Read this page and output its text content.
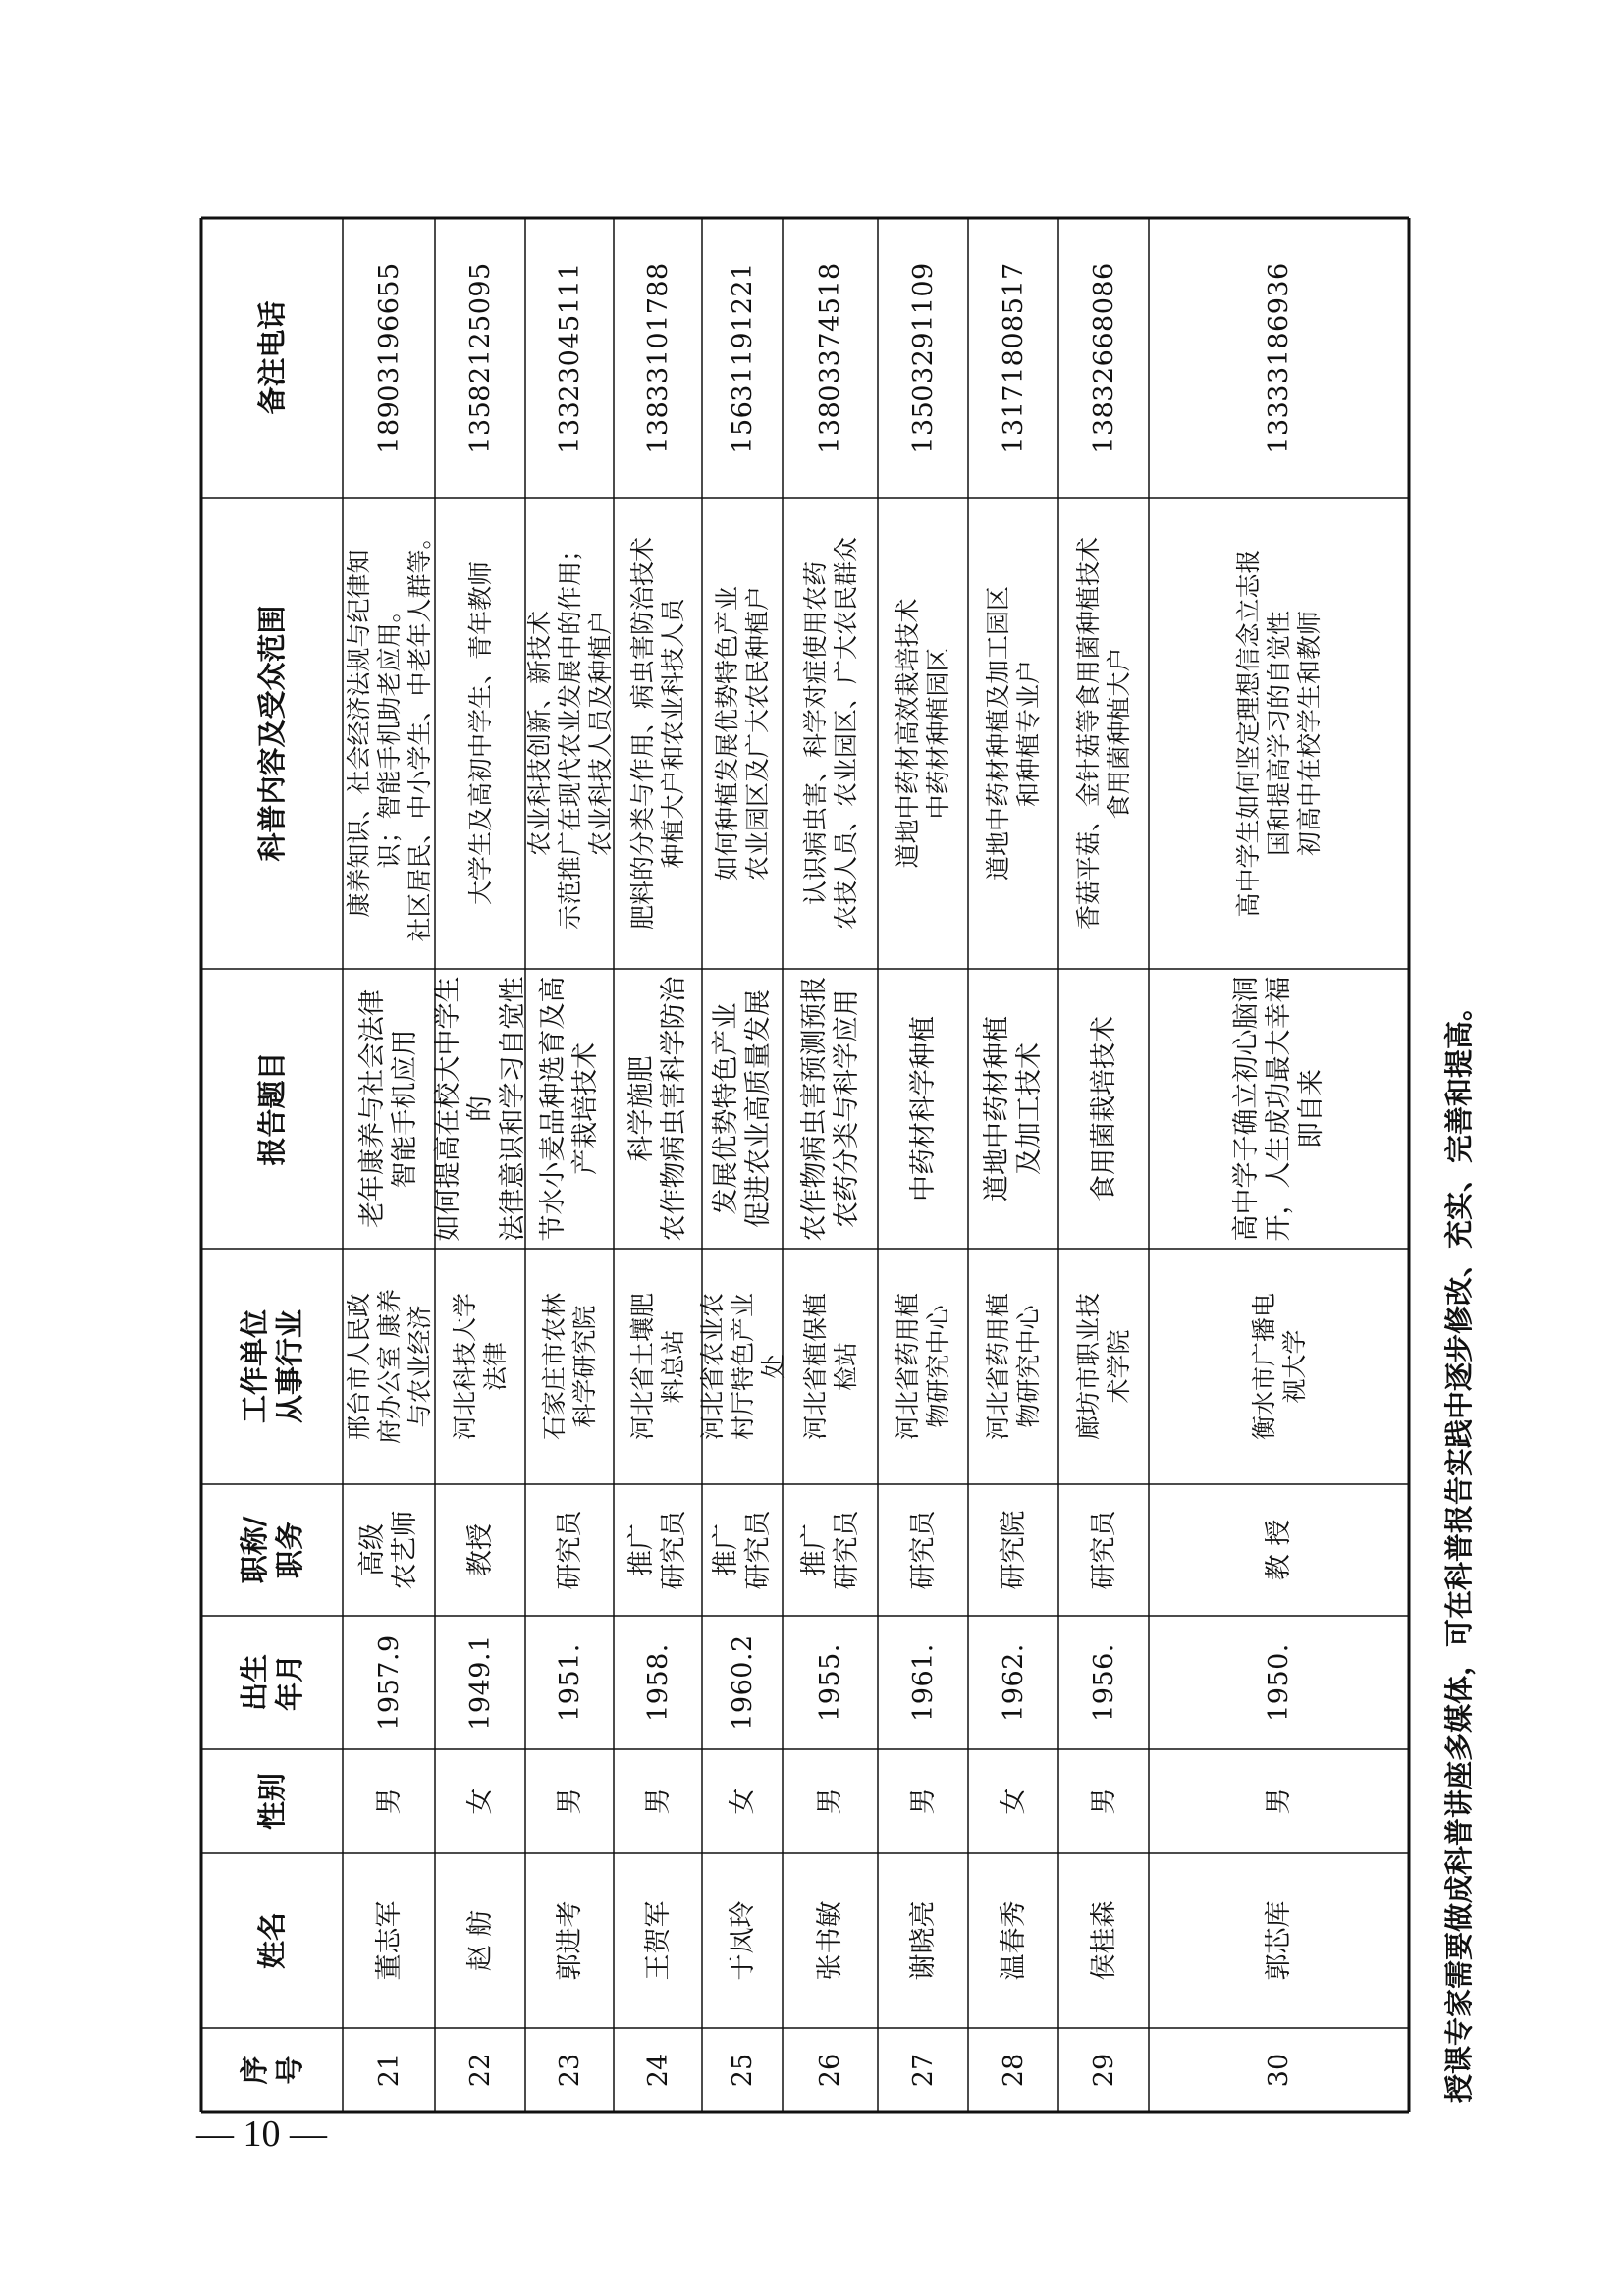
序
号
姓名
性别
出生
年月
职称/
职务
工作单位
从事行业
报告题目
科普内容及受众范围
备注电话
21
董志军
男
1957.9
高级
农艺师
邢台市人民政
府办公室 康养
与农业经济
老年康养与社会法律
智能手机应用
康养知识、社会经济法规与纪律知
识；智能手机助老应用。
社区居民、中小学生、中老年人群等。
18903196655
22
赵 舫
女
1949.1
教授
河北科技大学
法律
如何提高在校大中学生的
法律意识和学习自觉性
大学生及高初中学生、青年教师
13582125095
23
郭进考
男
1951.
研究员
石家庄市农林
科学研究院
节水小麦品种选育及高
产栽培技术
农业科技创新、新技术
示范推广在现代农业发展中的作用；
农业科技人员及种植户
13323045111
24
王贺军
男
1958.
推广
研究员
河北省土壤肥
料总站
科学施肥
农作物病虫害科学防治
肥料的分类与作用、病虫害防治技术
种植大户和农业科技人员
13833101788
25
于凤玲
女
1960.2
推广
研究员
河北省农业农
村厅特色产业
处
发展优势特色产业
促进农业高质量发展
如何种植发展优势特色产业
农业园区及广大农民种植户
15631191221
26
张书敏
男
1955.
推广
研究员
河北省植保植
检站
农作物病虫害预测预报
农药分类与科学应用
认识病虫害、科学对症使用农药
农技人员、农业园区、广大农民群众
13803374518
27
谢晓亮
男
1961.
研究员
河北省药用植
物研究中心
中药材科学种植
道地中药材高效栽培技术
中药材种植园区
13503291109
28
温春秀
女
1962.
研究院
河北省药用植
物研究中心
道地中药材种植
及加工技术
道地中药材种植及加工园区
和种植专业户
13171808517
29
侯桂森
男
1956.
研究员
廊坊市职业技
术学院
食用菌栽培技术
香菇平菇、金针菇等食用菌种植技术
食用菌种植大户
13832668086
30
郭芯库
男
1950.
教 授
衡水市广播电
视大学
高中学子确立初心脑洞
开，人生成功最大幸福
即自来
高中学生如何坚定理想信念立志报
国和提高学习的自觉性
初高中在校学生和教师
13333186936
授课专家需要做成科普讲座多媒体，可在科普报告实践中逐步修改、充实、完善和提高。
— 10 —
